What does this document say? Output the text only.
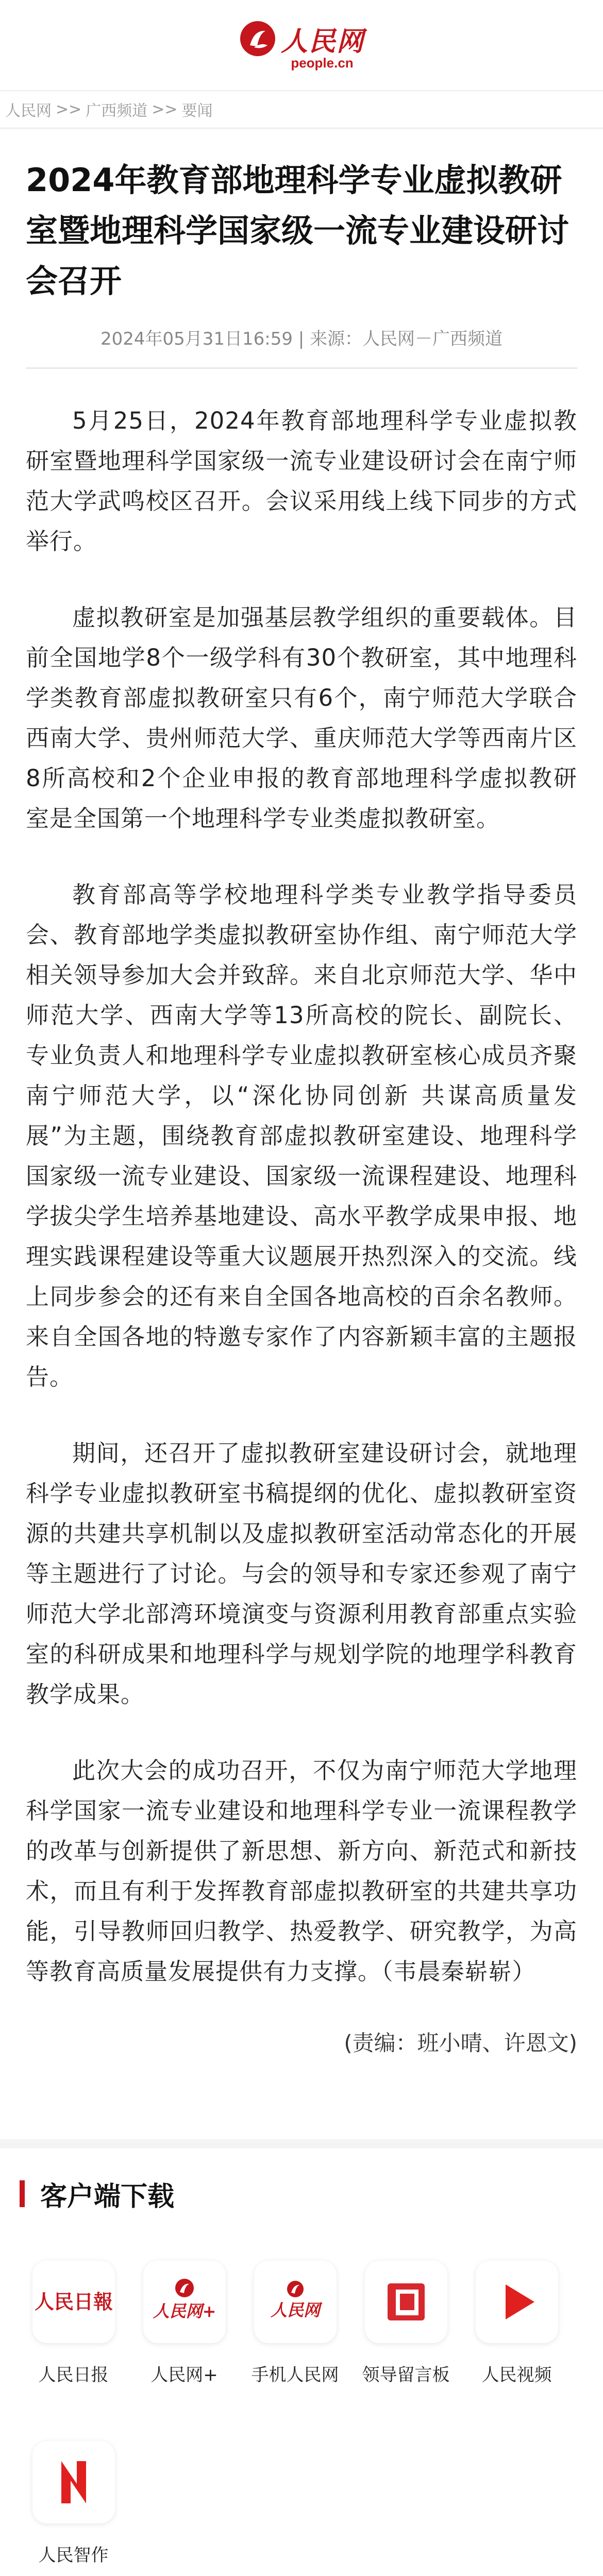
人民网
people.cn
人民网 >> 广西频道 >> 要闻
2024年教育部地理科学专业虚拟教研室暨地理科学国家级一流专业建设研讨会召开
2024年05月31日16:59 | 来源：人民网－广西频道

5月25日，2024年教育部地理科学专业虚拟教研室暨地理科学国家级一流专业建设研讨会在南宁师范大学武鸣校区召开。会议采用线上线下同步的方式举行。

虚拟教研室是加强基层教学组织的重要载体。目前全国地学8个一级学科有30个教研室，其中地理科学类教育部虚拟教研室只有6个，南宁师范大学联合西南大学、贵州师范大学、重庆师范大学等西南片区8所高校和2个企业申报的教育部地理科学虚拟教研室是全国第一个地理科学专业类虚拟教研室。

教育部高等学校地理科学类专业教学指导委员会、教育部地学类虚拟教研室协作组、南宁师范大学相关领导参加大会并致辞。来自北京师范大学、华中师范大学、西南大学等13所高校的院长、副院长、专业负责人和地理科学专业虚拟教研室核心成员齐聚南宁师范大学，以“深化协同创新 共谋高质量发展”为主题，围绕教育部虚拟教研室建设、地理科学国家级一流专业建设、国家级一流课程建设、地理科学拔尖学生培养基地建设、高水平教学成果申报、地理实践课程建设等重大议题展开热烈深入的交流。线上同步参会的还有来自全国各地高校的百余名教师。来自全国各地的特邀专家作了内容新颖丰富的主题报告。

期间，还召开了虚拟教研室建设研讨会，就地理科学专业虚拟教研室书稿提纲的优化、虚拟教研室资源的共建共享机制以及虚拟教研室活动常态化的开展等主题进行了讨论。与会的领导和专家还参观了南宁师范大学北部湾环境演变与资源利用教育部重点实验室的科研成果和地理科学与规划学院的地理学科教育教学成果。

此次大会的成功召开，不仅为南宁师范大学地理科学国家一流专业建设和地理科学专业一流课程教学的改革与创新提供了新思想、新方向、新范式和新技术，而且有利于发挥教育部虚拟教研室的共建共享功能，引导教师回归教学、热爱教学、研究教学，为高等教育高质量发展提供有力支撑。（韦晨秦崭崭）

(责编：班小晴、许恩文)
客户端下载
人民日報
人民日报
人民网+
人民网+
人民网
手机人民网 领导留言板 人民视频
人民智作
